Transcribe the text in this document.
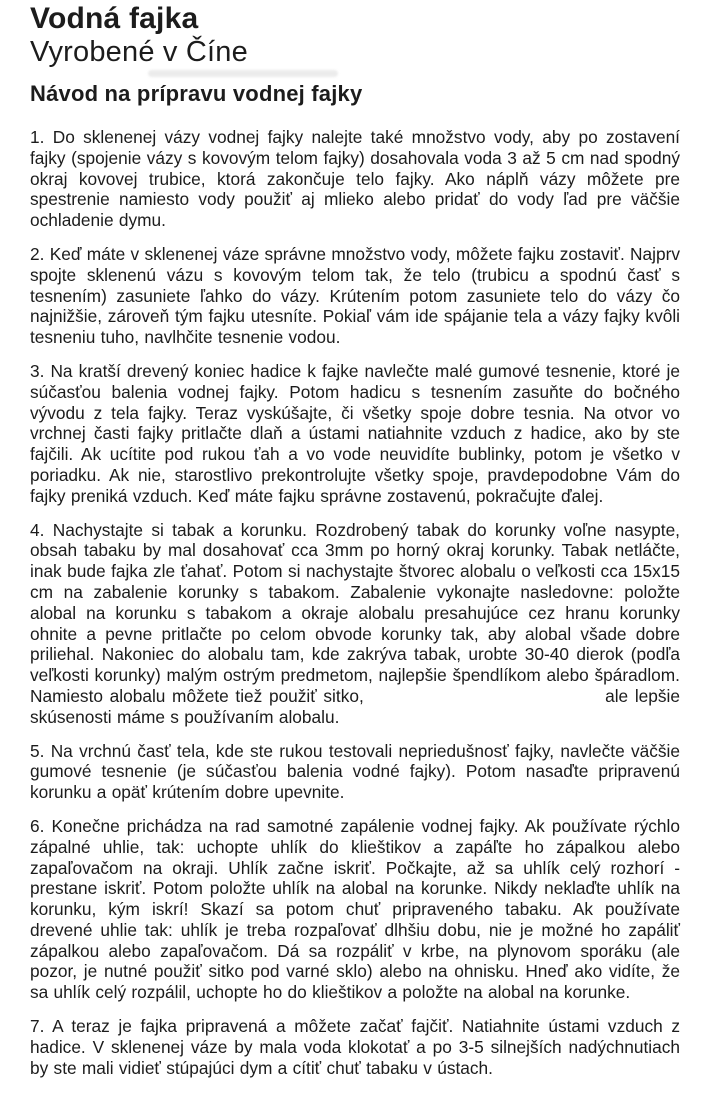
Vodná fajka
Vyrobené v Číne
Návod na prípravu vodnej fajky

1. Do sklenenej vázy vodnej fajky nalejte také množstvo vody, aby po zostavení fajky (spojenie vázy s kovovým telom fajky) dosahovala voda 3 až 5 cm nad spodný okraj kovovej trubice, ktorá zakončuje telo fajky. Ako náplň vázy môžete pre spestrenie namiesto vody použiť aj mlieko alebo pridať do vody ľad pre väčšie ochladenie dymu.

2. Keď máte v sklenenej váze správne množstvo vody, môžete fajku zostaviť. Najprv spojte sklenenú vázu s kovovým telom tak, že telo (trubicu a spodnú časť s tesnením) zasuniete ľahko do vázy. Krútením potom zasuniete telo do vázy čo najnižšie, zároveň tým fajku utesníte. Pokiaľ vám ide spájanie tela a vázy fajky kvôli tesneniu tuho, navlhčite tesnenie vodou.

3. Na kratší drevený koniec hadice k fajke navlečte malé gumové tesnenie, ktoré je súčasťou balenia vodnej fajky. Potom hadicu s tesnením zasuňte do bočného vývodu z tela fajky. Teraz vyskúšajte, či všetky spoje dobre tesnia. Na otvor vo vrchnej časti fajky pritlačte dlaň a ústami natiahnite vzduch z hadice, ako by ste fajčili. Ak ucítite pod rukou ťah a vo vode neuvidíte bublinky, potom je všetko v poriadku. Ak nie, starostlivo prekontrolujte všetky spoje, pravdepodobne Vám do fajky preniká vzduch. Keď máte fajku správne zostavenú, pokračujte ďalej.

4. Nachystajte si tabak a korunku. Rozdrobený tabak do korunky voľne nasypte, obsah tabaku by mal dosahovať cca 3mm po horný okraj korunky. Tabak netláčte, inak bude fajka zle ťahať. Potom si nachystajte štvorec alobalu o veľkosti cca 15x15 cm na zabalenie korunky s tabakom. Zabalenie vykonajte nasledovne: položte alobal na korunku s tabakom a okraje alobalu presahujúce cez hranu korunky ohnite a pevne pritlačte po celom obvode korunky tak, aby alobal všade dobre priliehal. Nakoniec do alobalu tam, kde zakrýva tabak, urobte 30-40 dierok (podľa veľkosti korunky) malým ostrým predmetom, najlepšie špendlíkom alebo špáradlom. Namiesto alobalu môžete tiež použiť sitko,	ale lepšie skúsenosti máme s používaním alobalu.

5. Na vrchnú časť tela, kde ste rukou testovali nepriedušnosť fajky, navlečte väčšie gumové tesnenie (je súčasťou balenia vodné fajky). Potom nasaďte pripravenú korunku a opäť krútením dobre upevnite.

6. Konečne prichádza na rad samotné zapálenie vodnej fajky. Ak používate rýchlo zápalné uhlie, tak: uchopte uhlík do klieštikov a zapáľte ho zápalkou alebo zapaľovačom na okraji. Uhlík začne iskriť. Počkajte, až sa uhlík celý rozhorí - prestane iskriť. Potom položte uhlík na alobal na korunke. Nikdy neklaďte uhlík na korunku, kým iskrí! Skazí sa potom chuť pripraveného tabaku. Ak používate drevené uhlie tak: uhlík je treba rozpaľovať dlhšiu dobu, nie je možné ho zapáliť zápalkou alebo zapaľovačom. Dá sa rozpáliť v krbe, na plynovom sporáku (ale pozor, je nutné použiť sitko pod varné sklo) alebo na ohnisku. Hneď ako vidíte, že sa uhlík celý rozpálil, uchopte ho do klieštikov a položte na alobal na korunke.

7. A teraz je fajka pripravená a môžete začať fajčiť. Natiahnite ústami vzduch z hadice. V sklenenej váze by mala voda klokotať a po 3-5 silnejších nadýchnutiach by ste mali vidieť stúpajúci dym a cítiť chuť tabaku v ústach.
